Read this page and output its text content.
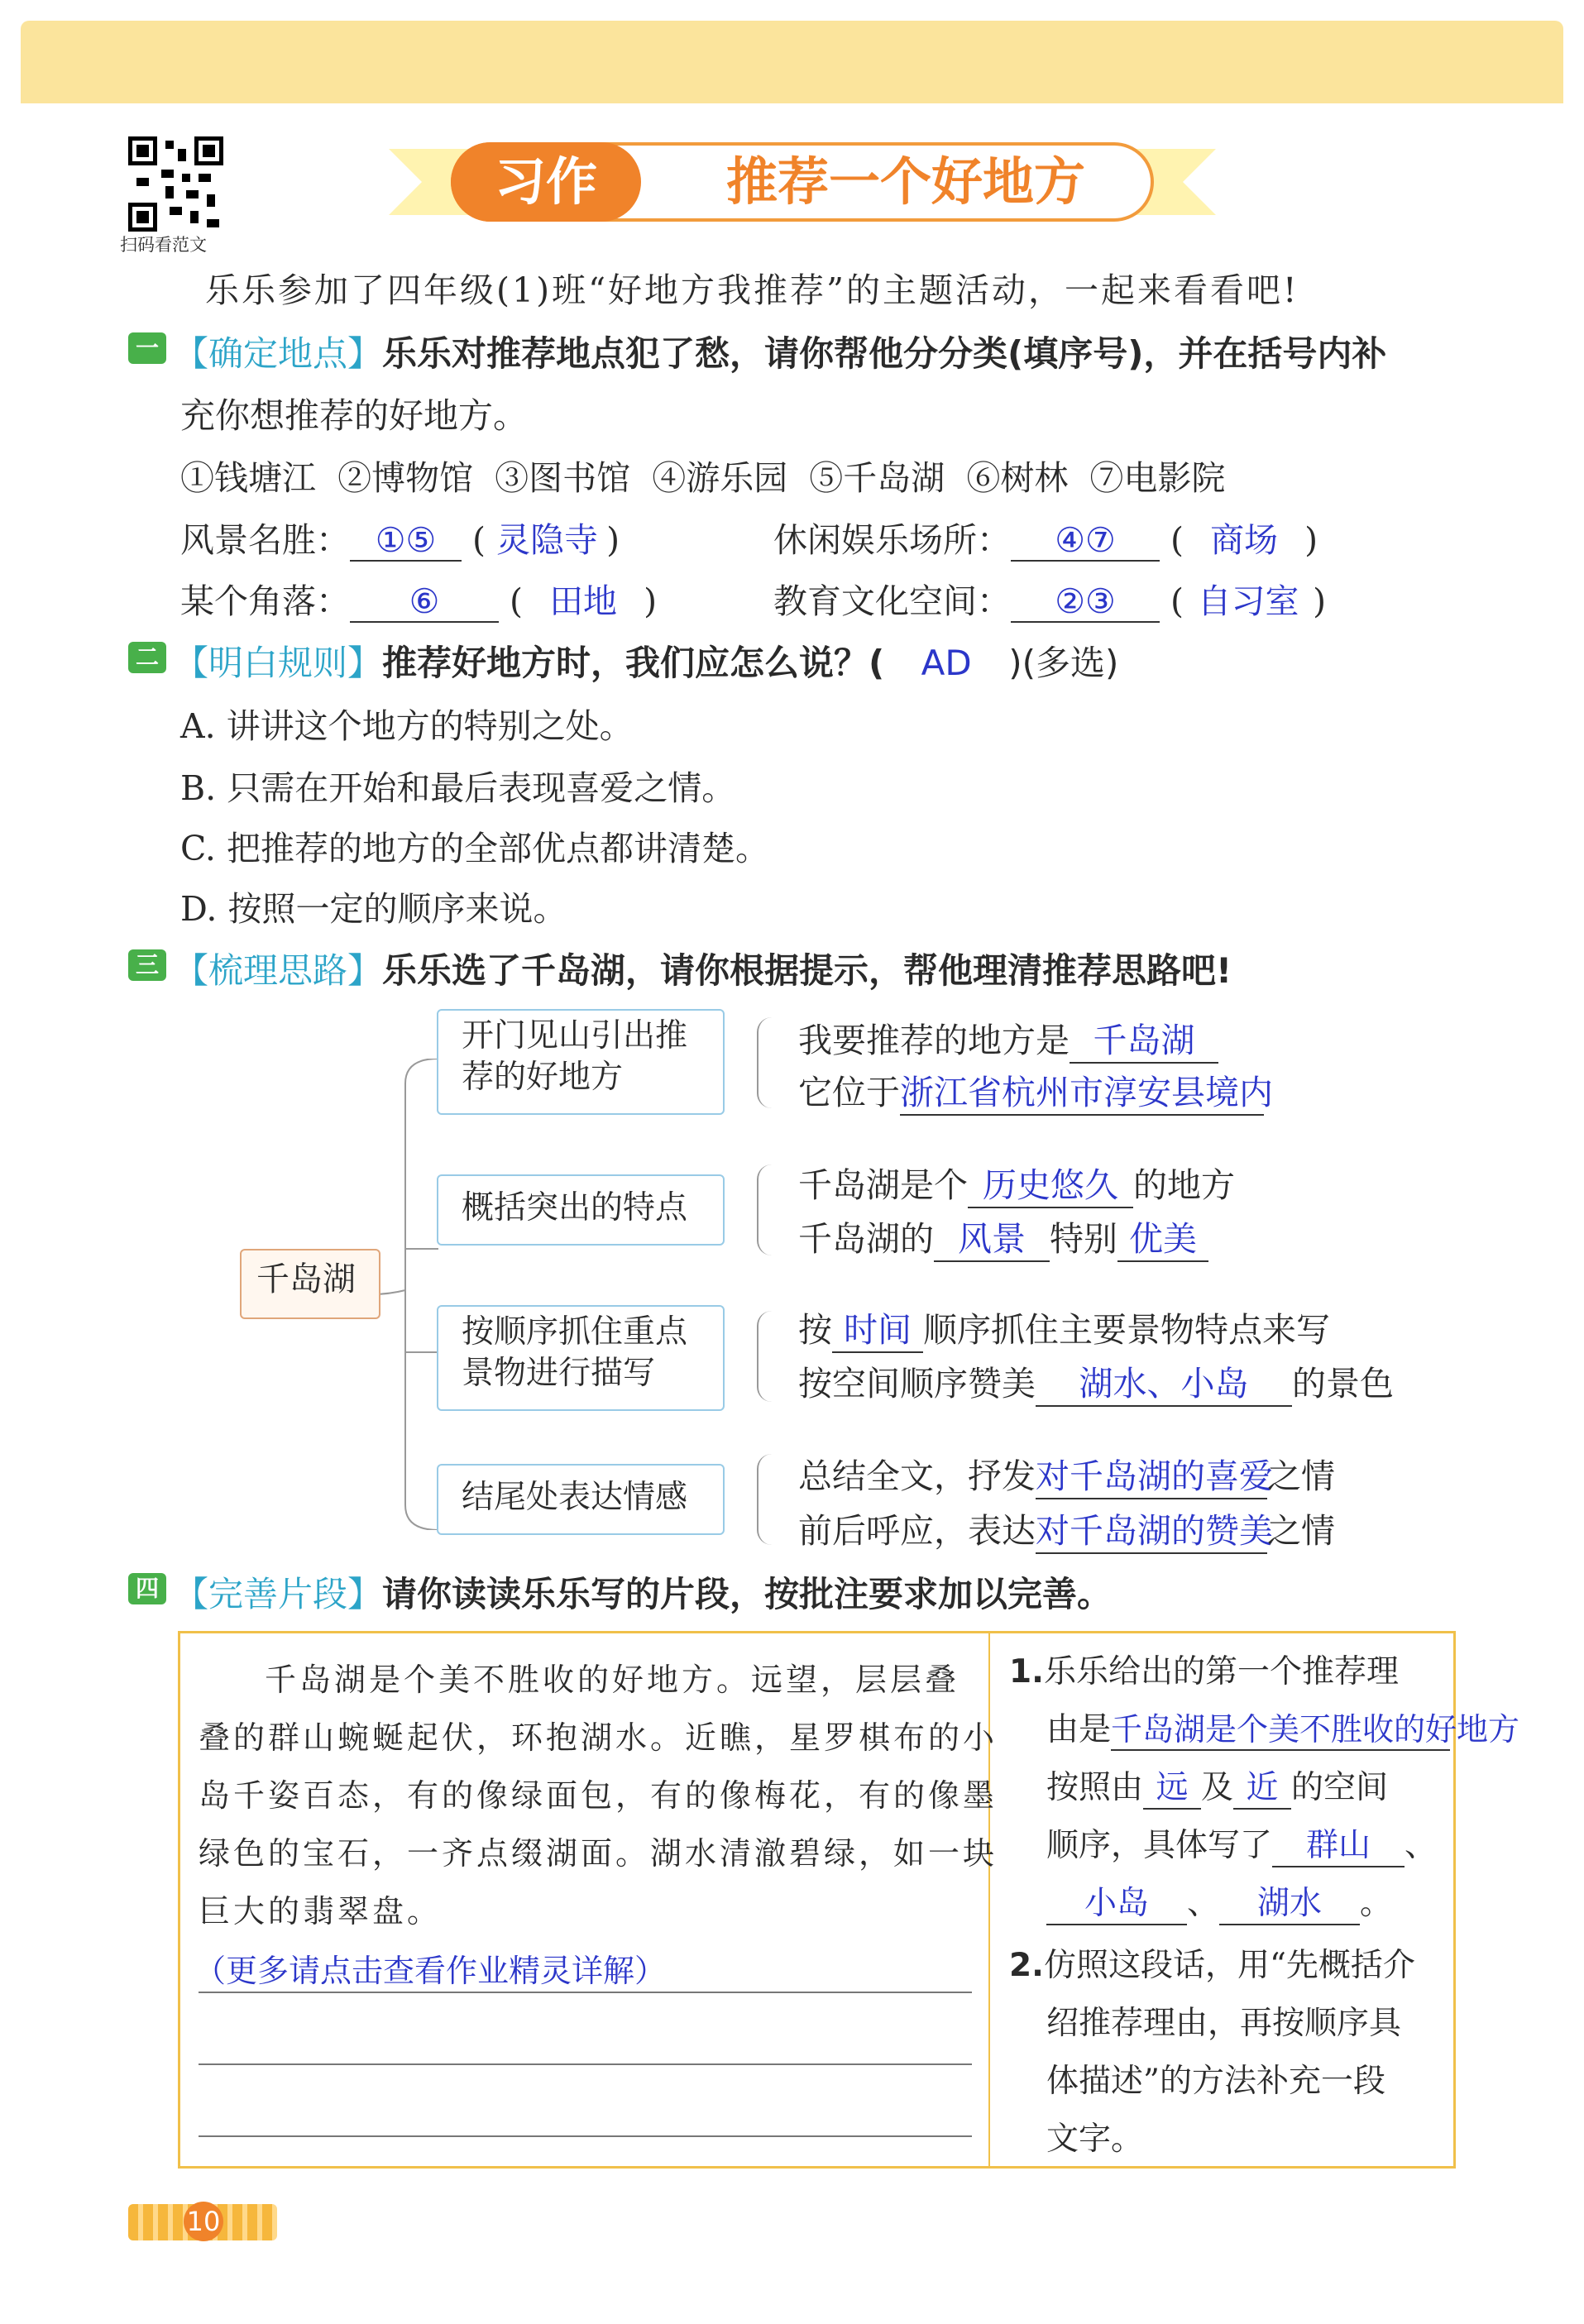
扫码看范文
习作	推荐一个好地方
乐乐参加了四年级(1)班“好地方我推荐”的主题活动，一起来看看吧!
一 【确定地点】乐乐对推荐地点犯了愁，请你帮他分分类(填序号)，并在括号内补
充你想推荐的好地方。
①钱塘江  ②博物馆  ③图书馆  ④游乐园  ⑤千岛湖  ⑥树林  ⑦电影院
风景名胜： ①⑤ ( 灵隐寺 )	休闲娱乐场所： ④⑦ ( 商场 )
某个角落： ⑥ ( 田地 )	教育文化空间： ②③ ( 自习室 )
二 【明白规则】推荐好地方时，我们应怎么说？( AD )(多选)
A. 讲讲这个地方的特别之处。
B. 只需在开始和最后表现喜爱之情。
C. 把推荐的地方的全部优点都讲清楚。
D. 按照一定的顺序来说。
三 【梳理思路】乐乐选了千岛湖，请你根据提示，帮他理清推荐思路吧!
千岛湖
开门见山引出推荐的好地方
概括突出的特点
按顺序抓住重点景物进行描写
结尾处表达情感
我要推荐的地方是 千岛湖
它位于浙江省杭州市淳安县境内
千岛湖是个 历史悠久 的地方
千岛湖的 风景 特别 优美
按 时间 顺序抓住主要景物特点来写
按空间顺序赞美 湖水、小岛 的景色
总结全文，抒发对千岛湖的喜爱之情
前后呼应，表达对千岛湖的赞美之情
四 【完善片段】请你读读乐乐写的片段，按批注要求加以完善。
千岛湖是个美不胜收的好地方。远望，层层叠
叠的群山蜿蜒起伏，环抱湖水。近瞧，星罗棋布的小
岛千姿百态，有的像绿面包，有的像梅花，有的像墨
绿色的宝石，一齐点缀湖面。湖水清澈碧绿，如一块
巨大的翡翠盘。
（更多请点击查看作业精灵详解）
1.乐乐给出的第一个推荐理
由是千岛湖是个美不胜收的好地方
按照由 远 及 近 的空间
顺序，具体写了 群山 、
小岛 、 湖水 。
2.仿照这段话，用“先概括介
绍推荐理由，再按顺序具
体描述”的方法补充一段
文字。
10
